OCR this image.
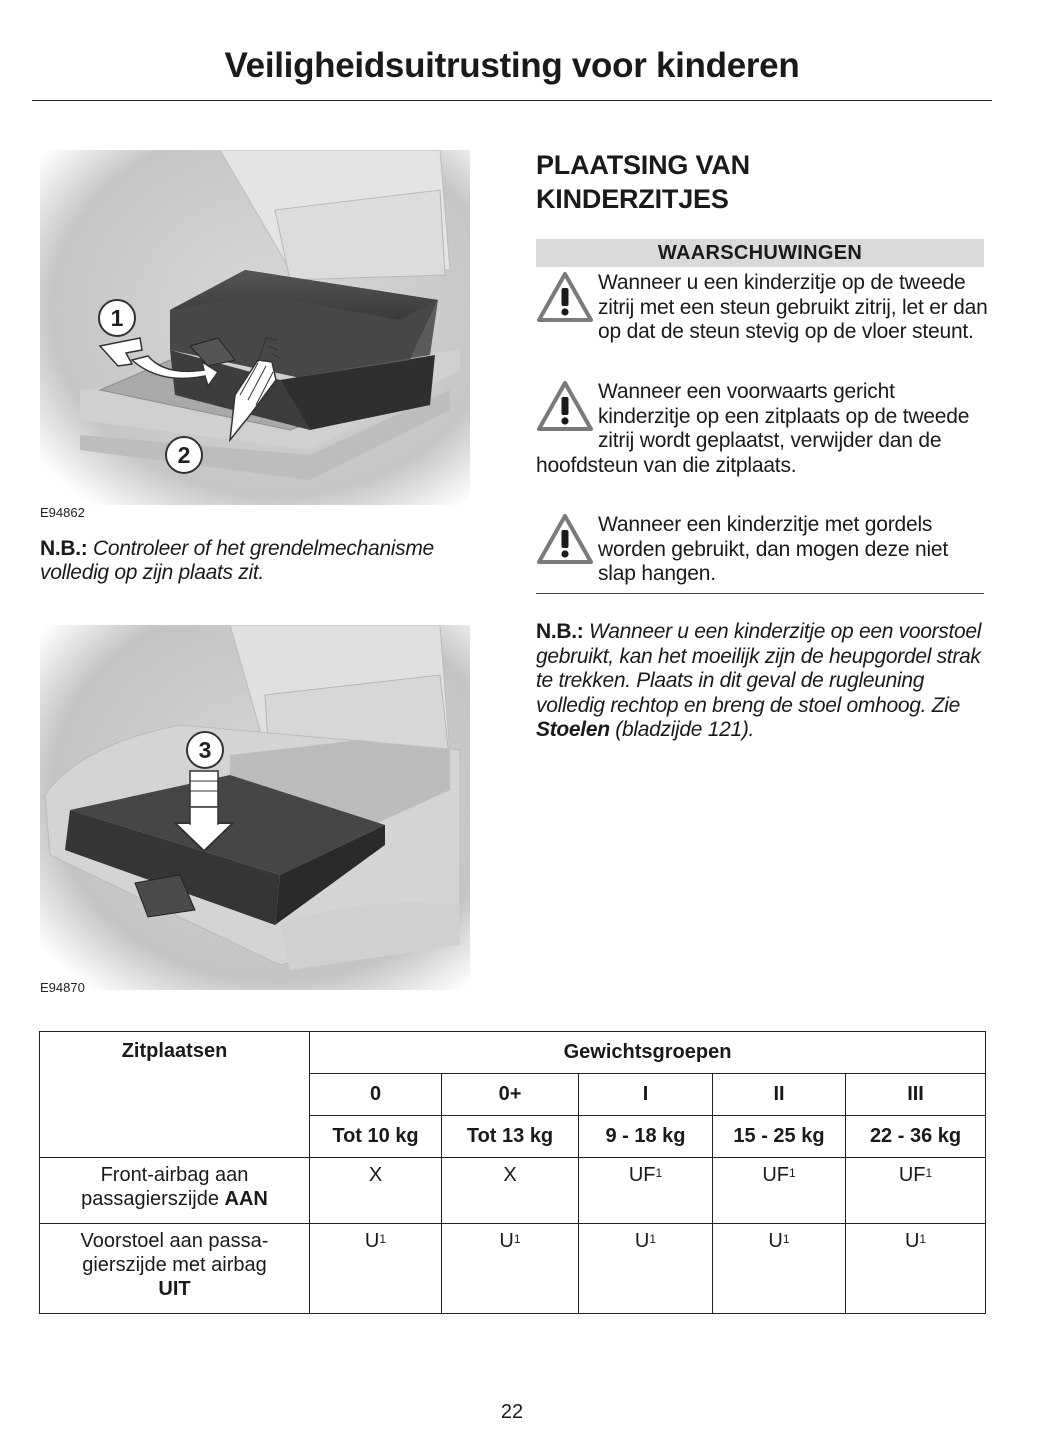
Veiligheidsuitrusting voor kinderen
1
2
E94862
N.B.: Controleer of het grendelmechanisme volledig op zijn plaats zit.
3
E94870
PLAATSING VAN
KINDERZITJES
WAARSCHUWINGEN
Wanneer u een kinderzitje op de tweede zitrij met een steun gebruikt zitrij, let er dan op dat de steun stevig op de vloer steunt.
Wanneer een voorwaarts gericht kinderzitje op een zitplaats op de tweede zitrij wordt geplaatst, verwijder dan de hoofdsteun van die zitplaats.
Wanneer een kinderzitje met gordels worden gebruikt, dan mogen deze niet slap hangen.
N.B.: Wanneer u een kinderzitje op een voorstoel gebruikt, kan het moeilijk zijn de heupgordel strak te trekken. Plaats in dit geval de rugleuning volledig rechtop en breng de stoel omhoog. Zie Stoelen (bladzijde 121).
Zitplaatsen	Gewichtsgroepen				
	0	0+	I	II	III
	Tot 10 kg	Tot 13 kg	9 - 18 kg	15 - 25 kg	22 - 36 kg
Front-airbag aan
passagierszijde AAN	X	X	$UF^1$	$UF^1$	$UF^1$
Voorstoel aan passa-
gierszijde met airbag
UIT	$U^1$	$U^1$	$U^1$	$U^1$	$U^1$
22
